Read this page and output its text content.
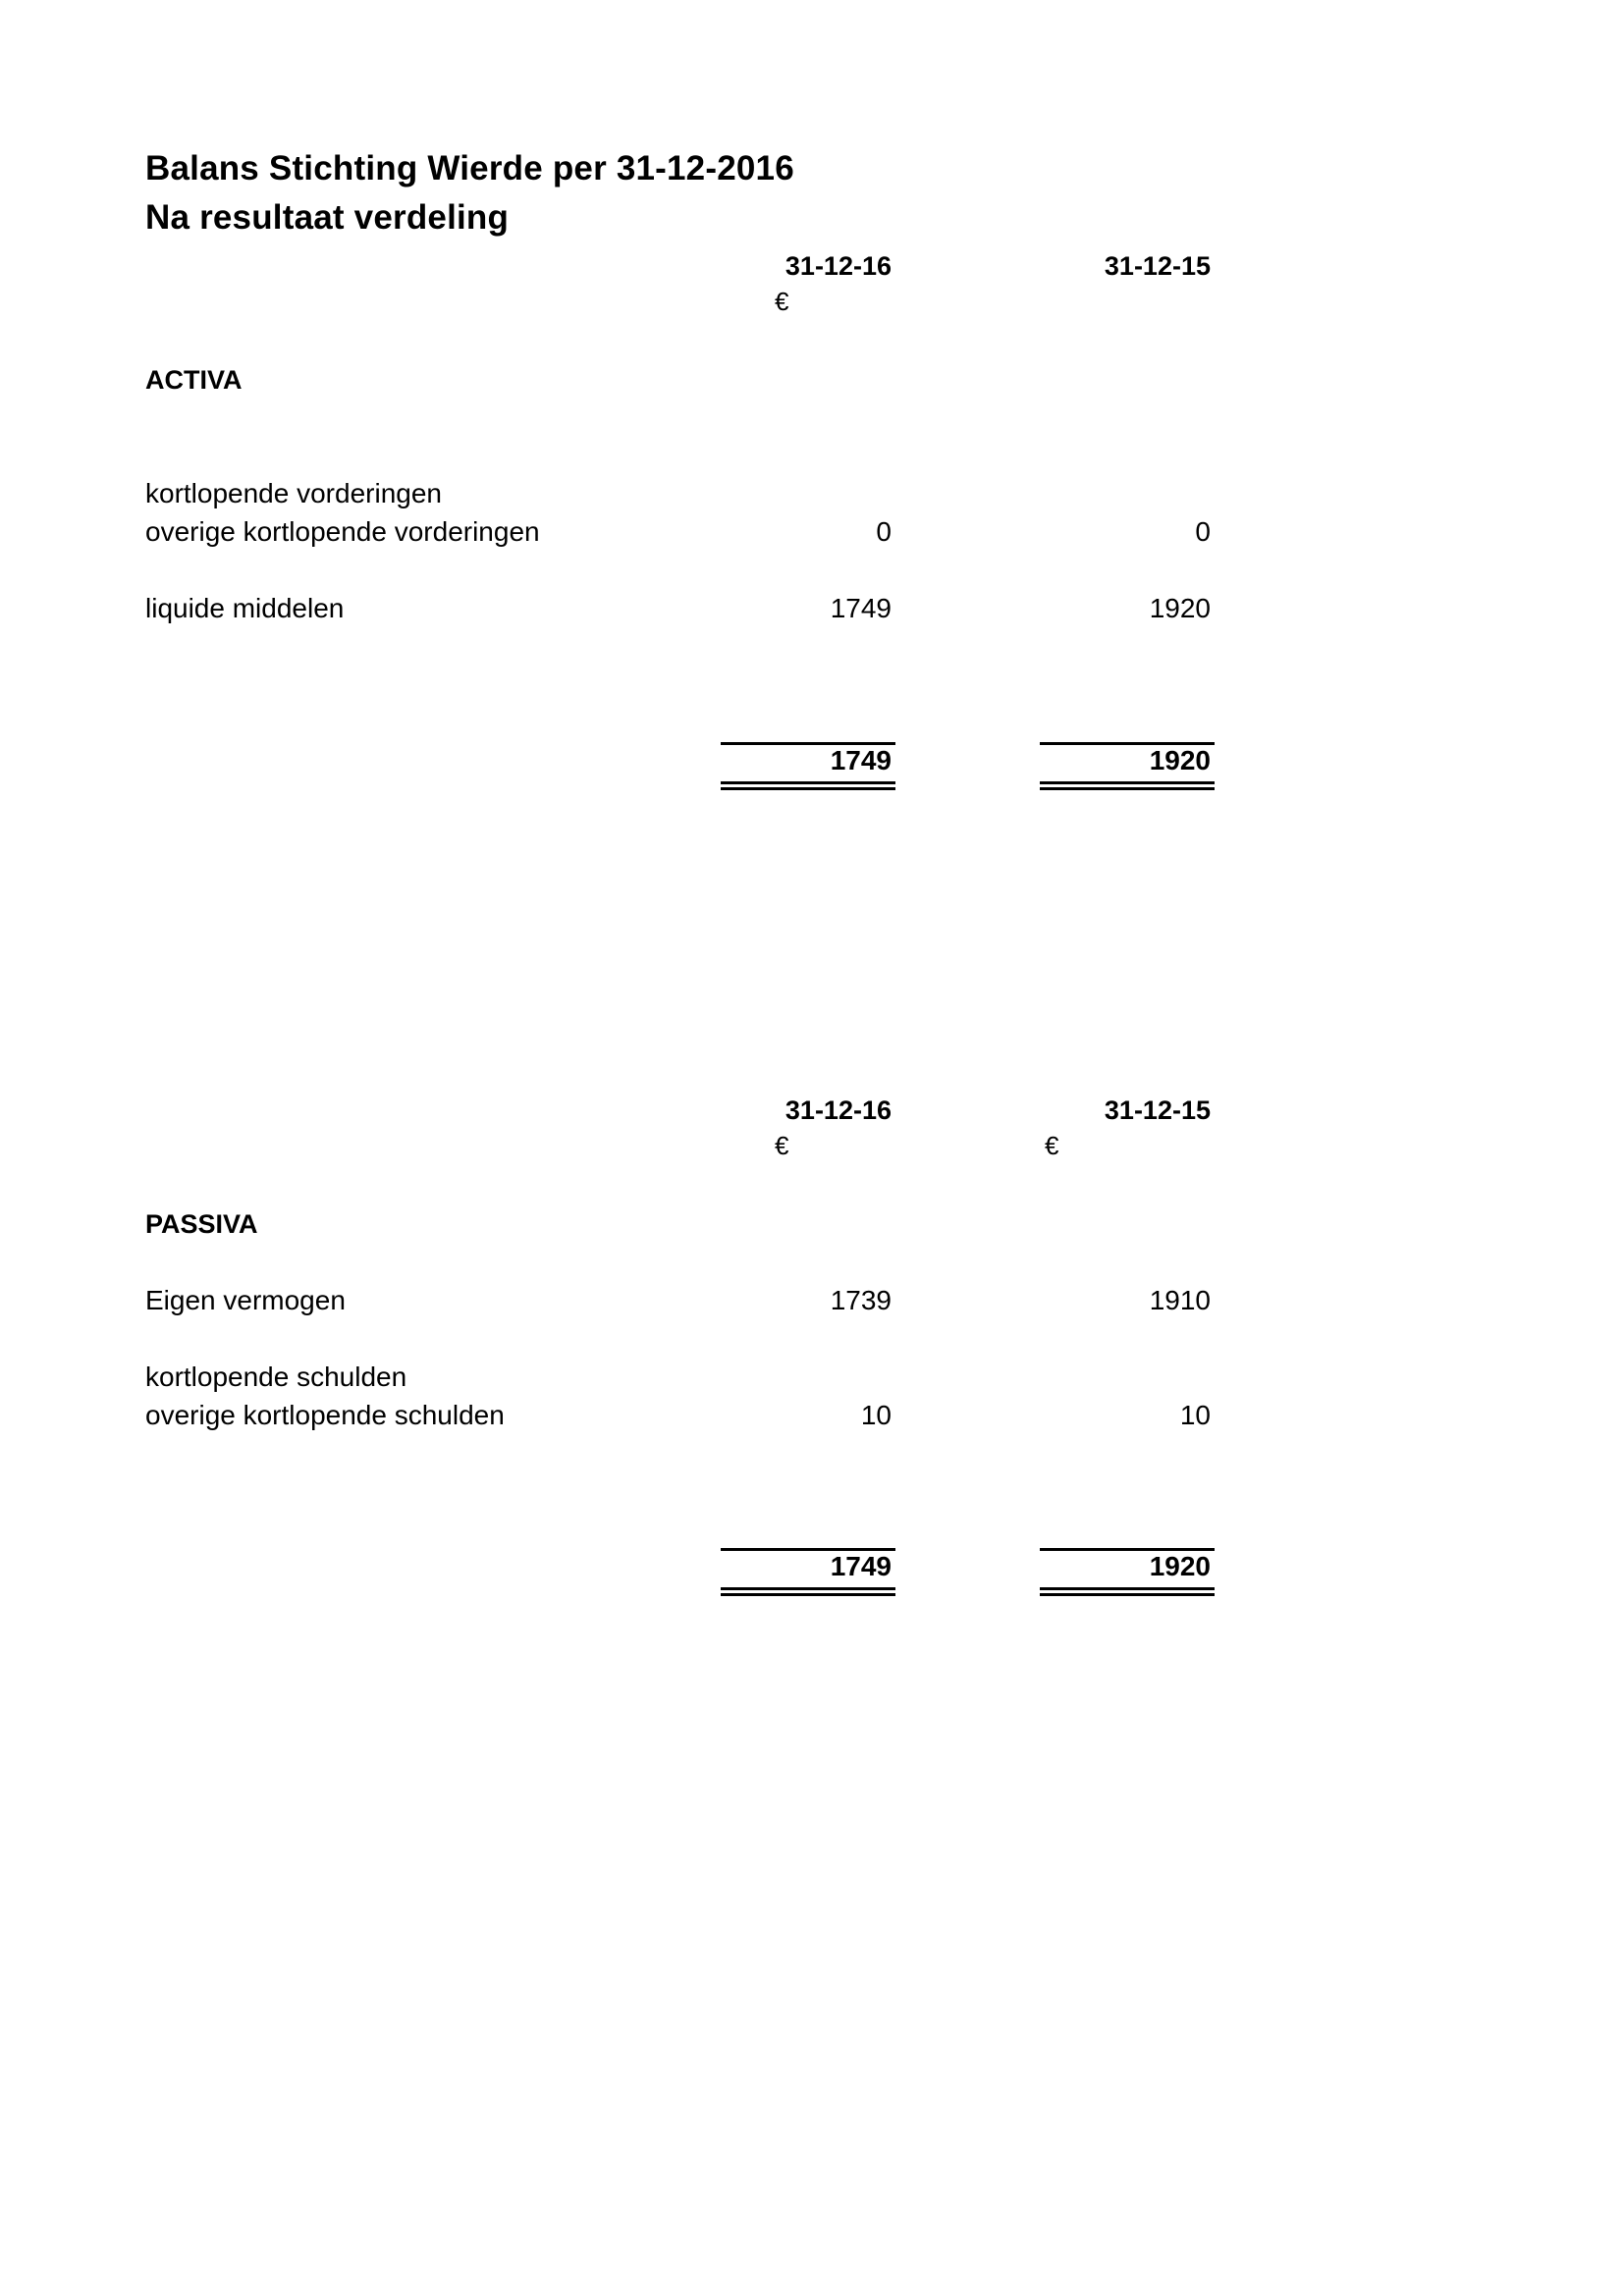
Balans Stichting Wierde per 31-12-2016
Na resultaat verdeling
31-12-16	31-12-15
€
ACTIVA
kortlopende vorderingen
overige kortlopende vorderingen	0	0
liquide middelen	1749	1920
1749	1920
31-12-16	31-12-15
€	€
PASSIVA
Eigen vermogen	1739	1910
kortlopende schulden
overige kortlopende schulden	10	10
1749	1920
